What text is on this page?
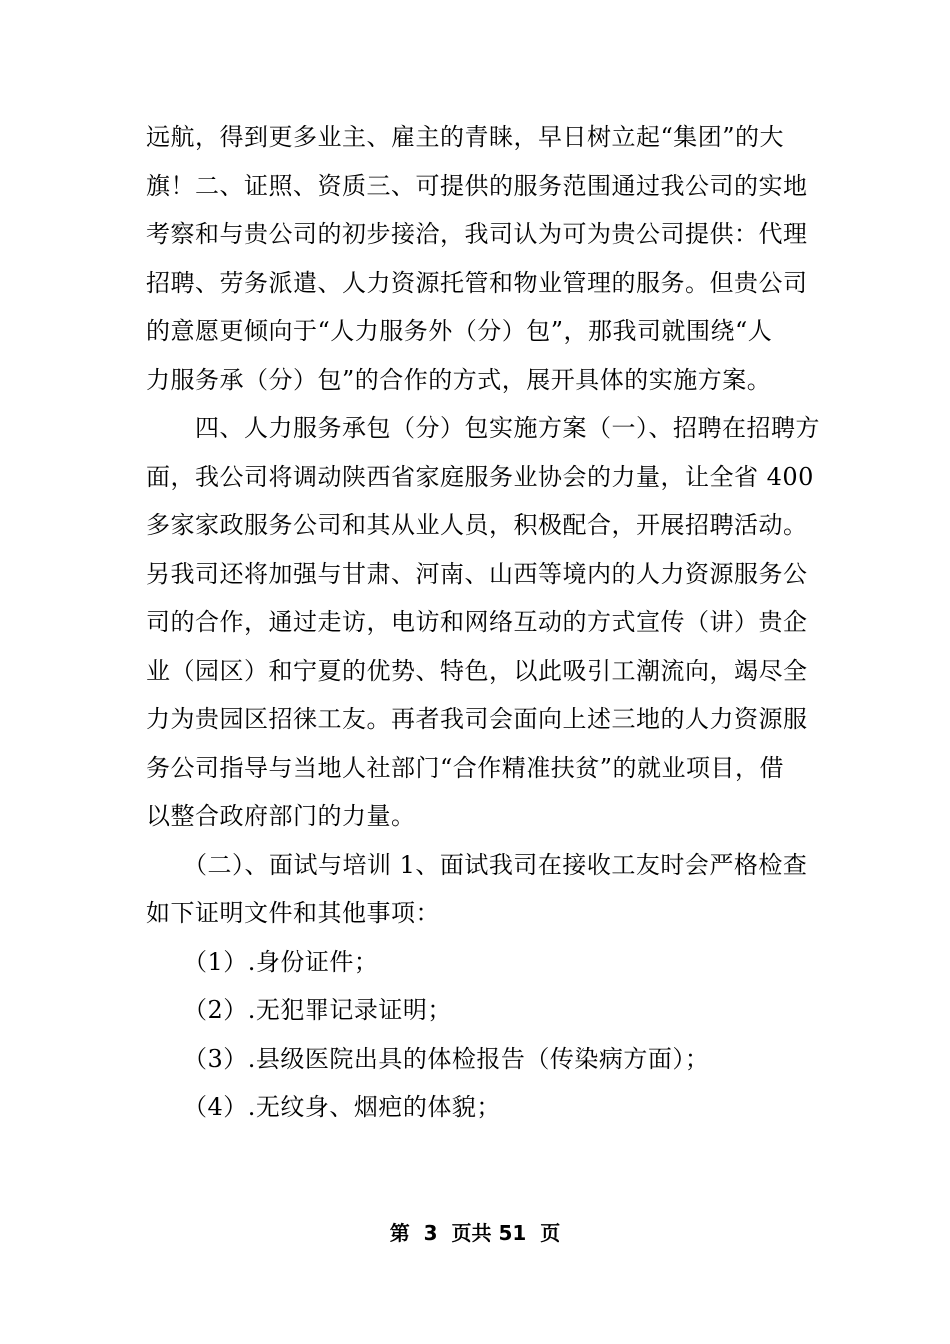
远航，得到更多业主、雇主的青睐，早日树立起“集团”的大
旗！二、证照、资质三、可提供的服务范围通过我公司的实地
考察和与贵公司的初步接洽，我司认为可为贵公司提供：代理
招聘、劳务派遣、人力资源托管和物业管理的服务。但贵公司
的意愿更倾向于“人力服务外（分）包”，那我司就围绕“人
力服务承（分）包”的合作的方式，展开具体的实施方案。
　　四、人力服务承包（分）包实施方案（一）、招聘在招聘方
面，我公司将调动陕西省家庭服务业协会的力量，让全省 400
多家家政服务公司和其从业人员，积极配合，开展招聘活动。
另我司还将加强与甘肃、河南、山西等境内的人力资源服务公
司的合作，通过走访，电访和网络互动的方式宣传（讲）贵企
业（园区）和宁夏的优势、特色，以此吸引工潮流向，竭尽全
力为贵园区招徕工友。再者我司会面向上述三地的人力资源服
务公司指导与当地人社部门“合作精准扶贫”的就业项目，借
以整合政府部门的力量。
　　（二）、面试与培训 1、面试我司在接收工友时会严格检查
如下证明文件和其他事项：
　　（1）.身份证件；
　　（2）.无犯罪记录证明；
　　（3）.县级医院出具的体检报告（传染病方面）；
　　（4）.无纹身、烟疤的体貌；
第  3  页共 51  页
